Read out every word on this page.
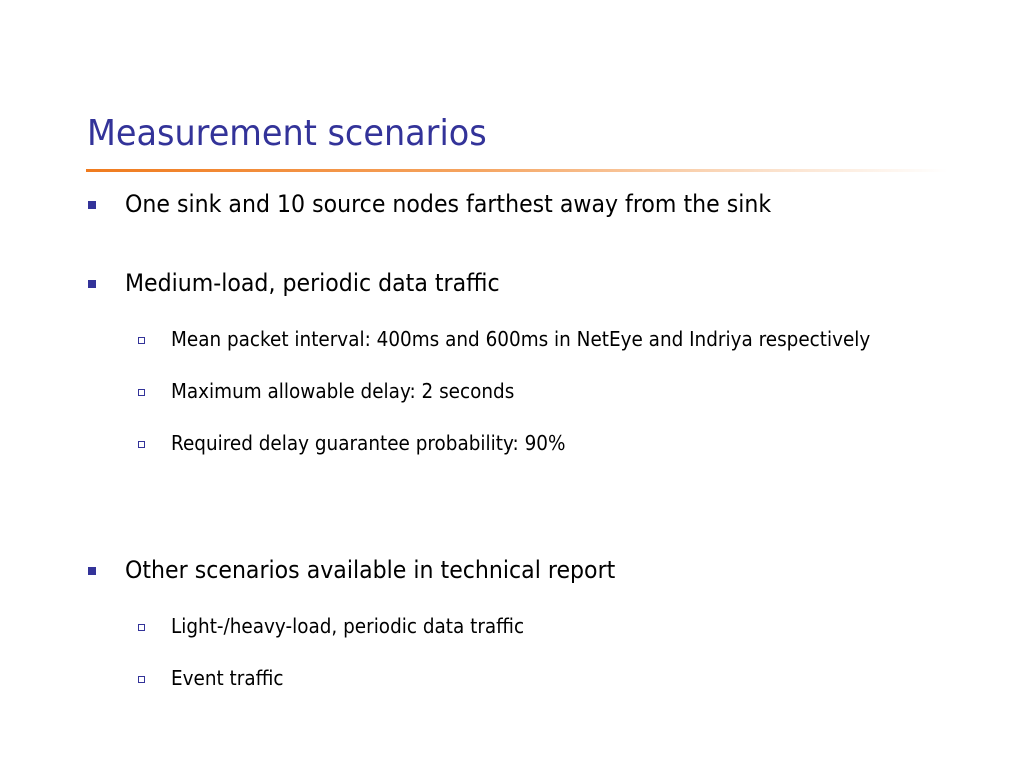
Measurement scenarios
One sink and 10 source nodes farthest away from the sink
Medium-load, periodic data traffic
Mean packet interval: 400ms and 600ms in NetEye and Indriya respectively
Maximum allowable delay: 2 seconds
Required delay guarantee probability: 90%
Other scenarios available in technical report
Light-/heavy-load, periodic data traffic
Event traffic
